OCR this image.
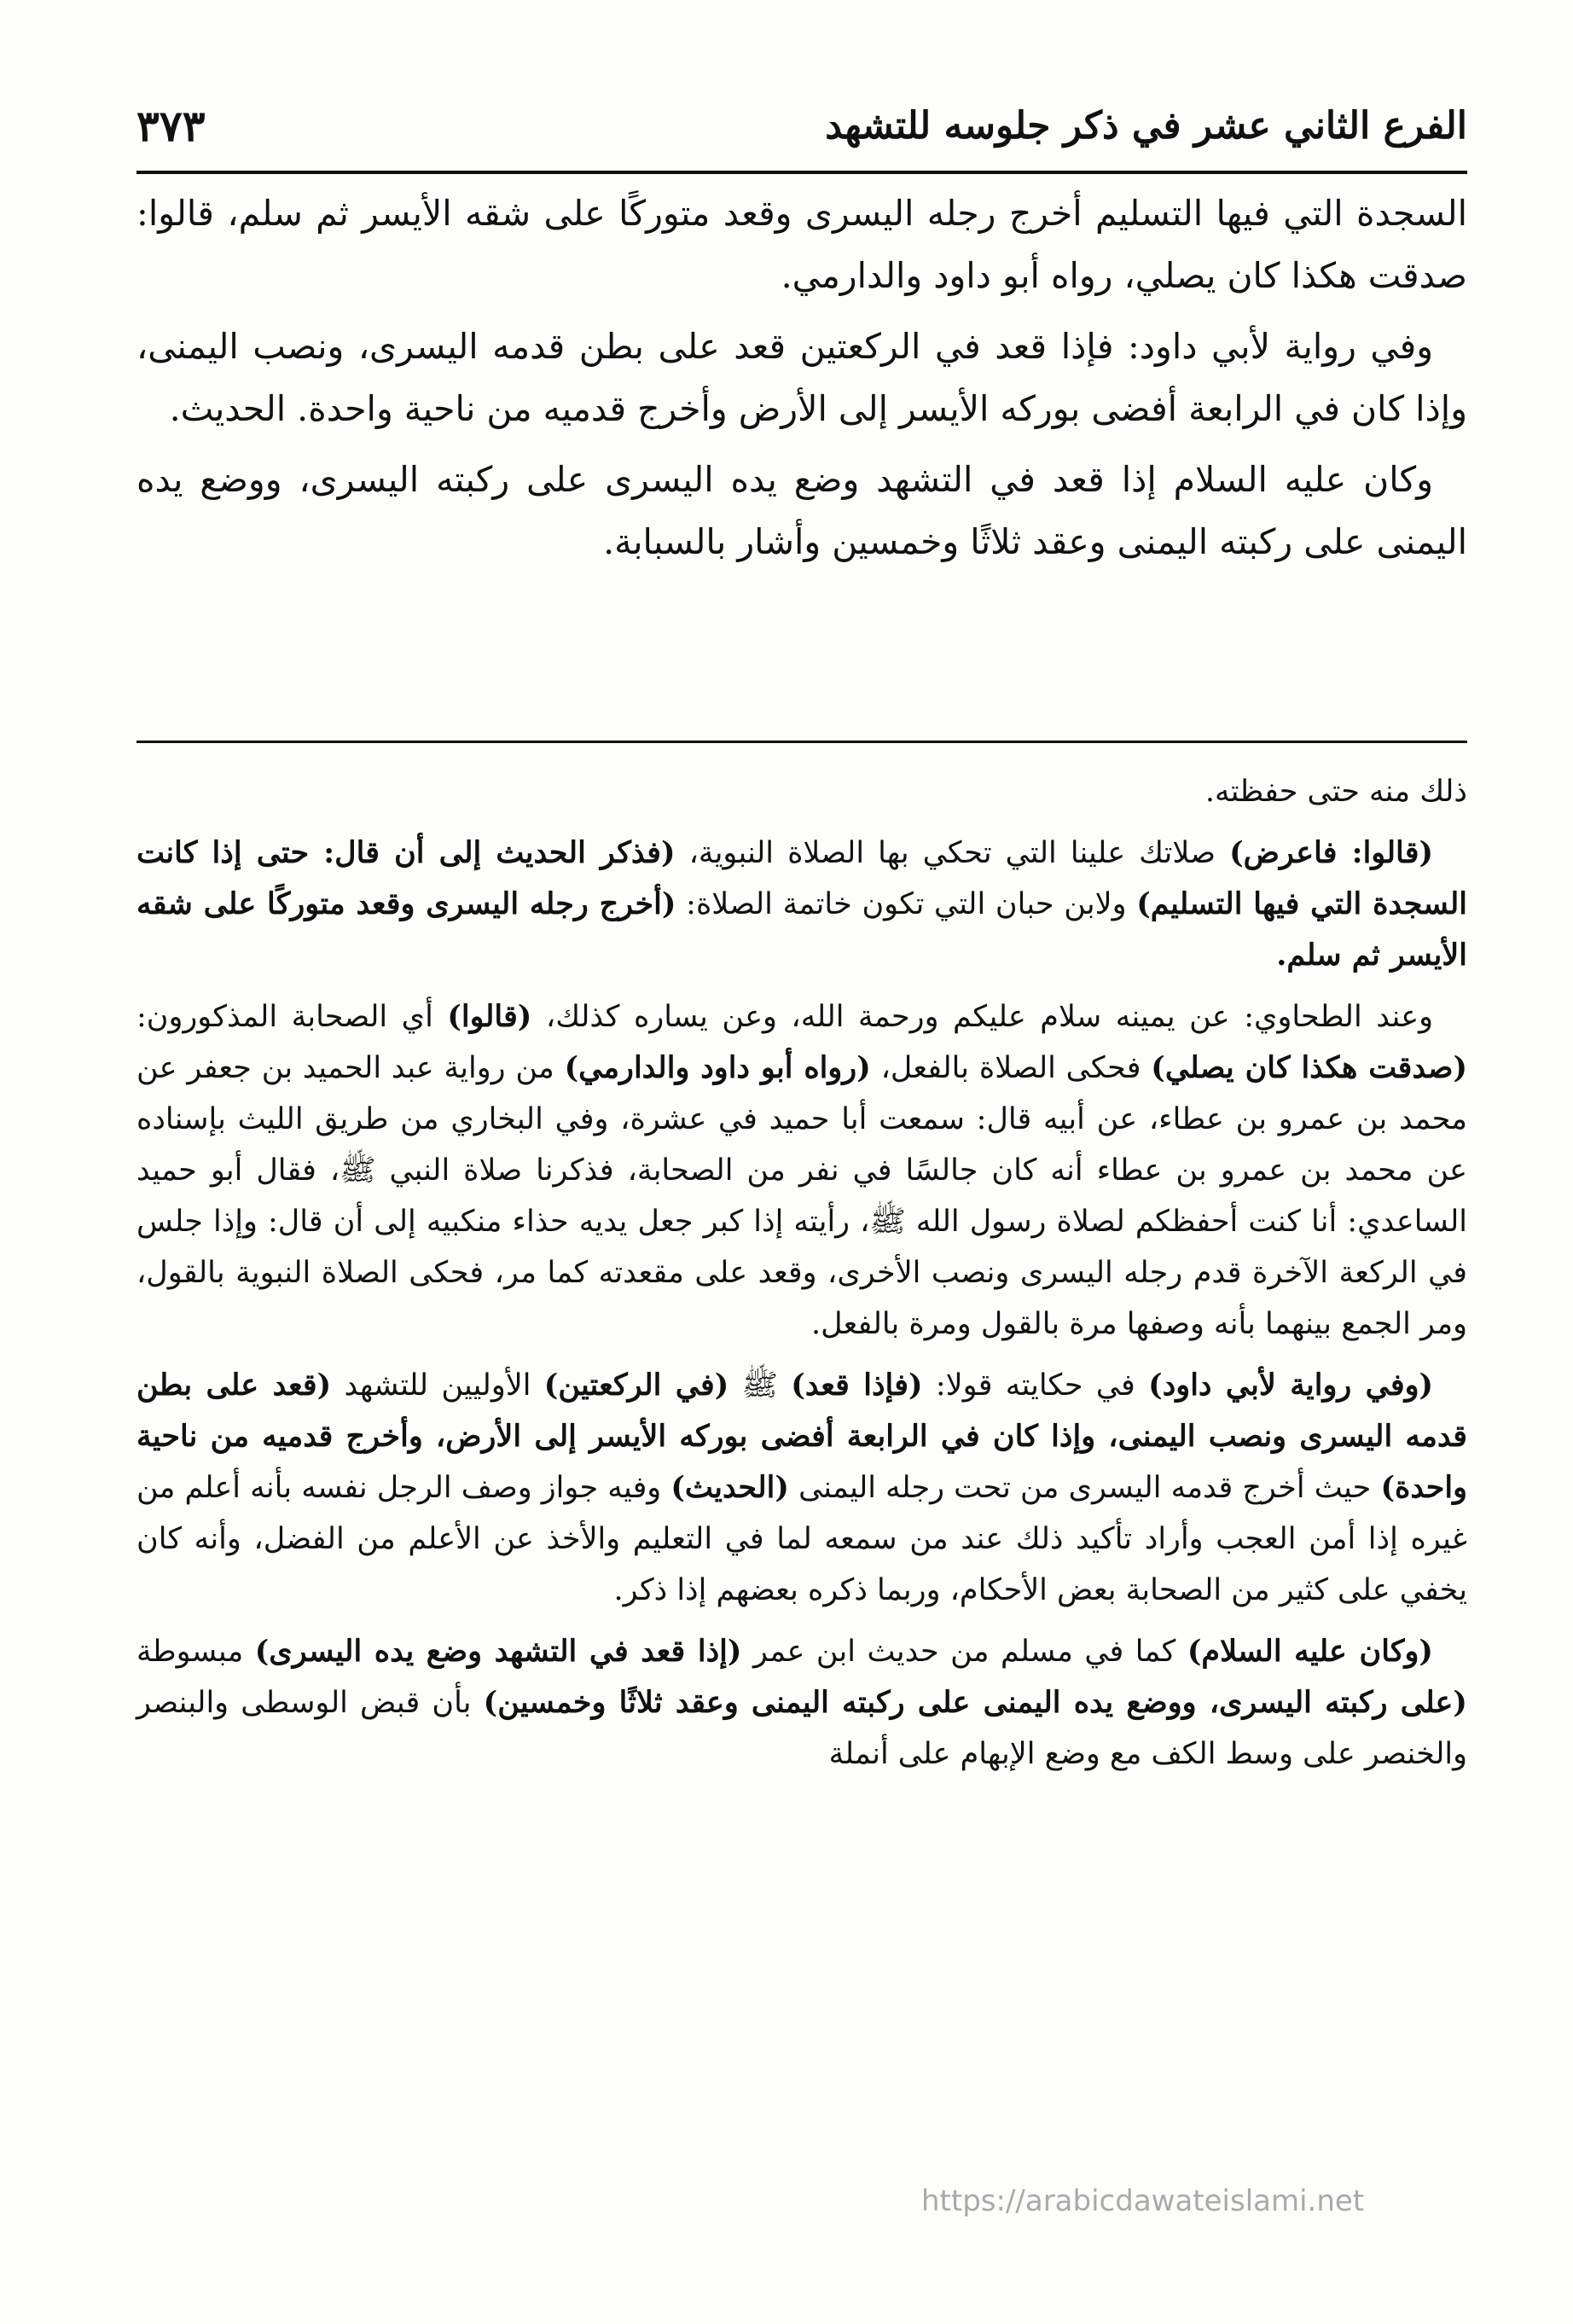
الفرع الثاني عشر في ذكر جلوسه للتشهد
٣٧٣

السجدة التي فيها التسليم أخرج رجله اليسرى وقعد متوركًا على شقه الأيسر ثم سلم، قالوا: صدقت هكذا كان يصلي، رواه أبو داود والدارمي.

وفي رواية لأبي داود: فإذا قعد في الركعتين قعد على بطن قدمه اليسرى، ونصب اليمنى، وإذا كان في الرابعة أفضى بوركه الأيسر إلى الأرض وأخرج قدميه من ناحية واحدة. الحديث.

وكان عليه السلام إذا قعد في التشهد وضع يده اليسرى على ركبته اليسرى، ووضع يده اليمنى على ركبته اليمنى وعقد ثلاثًا وخمسين وأشار بالسبابة.

ذلك منه حتى حفظته.

(قالوا: فاعرض) صلاتك علينا التي تحكي بها الصلاة النبوية، (فذكر الحديث إلى أن قال: حتى إذا كانت السجدة التي فيها التسليم) ولابن حبان التي تكون خاتمة الصلاة: (أخرج رجله اليسرى وقعد متوركًا على شقه الأيسر ثم سلم.

وعند الطحاوي: عن يمينه سلام عليكم ورحمة الله، وعن يساره كذلك، (قالوا) أي الصحابة المذكورون: (صدقت هكذا كان يصلي) فحكى الصلاة بالفعل، (رواه أبو داود والدارمي) من رواية عبد الحميد بن جعفر عن محمد بن عمرو بن عطاء، عن أبيه قال: سمعت أبا حميد في عشرة، وفي البخاري من طريق الليث بإسناده عن محمد بن عمرو بن عطاء أنه كان جالسًا في نفر من الصحابة، فذكرنا صلاة النبي ﷺ، فقال أبو حميد الساعدي: أنا كنت أحفظكم لصلاة رسول الله ﷺ، رأيته إذا كبر جعل يديه حذاء منكبيه إلى أن قال: وإذا جلس في الركعة الآخرة قدم رجله اليسرى ونصب الأخرى، وقعد على مقعدته كما مر، فحكى الصلاة النبوية بالقول، ومر الجمع بينهما بأنه وصفها مرة بالقول ومرة بالفعل.

(وفي رواية لأبي داود) في حكايته قولا: (فإذا قعد) ﷺ (في الركعتين) الأوليين للتشهد (قعد على بطن قدمه اليسرى ونصب اليمنى، وإذا كان في الرابعة أفضى بوركه الأيسر إلى الأرض، وأخرج قدميه من ناحية واحدة) حيث أخرج قدمه اليسرى من تحت رجله اليمنى (الحديث) وفيه جواز وصف الرجل نفسه بأنه أعلم من غيره إذا أمن العجب وأراد تأكيد ذلك عند من سمعه لما في التعليم والأخذ عن الأعلم من الفضل، وأنه كان يخفي على كثير من الصحابة بعض الأحكام، وربما ذكره بعضهم إذا ذكر.

(وكان عليه السلام) كما في مسلم من حديث ابن عمر (إذا قعد في التشهد وضع يده اليسرى) مبسوطة (على ركبته اليسرى، ووضع يده اليمنى على ركبته اليمنى وعقد ثلاثًا وخمسين) بأن قبض الوسطى والبنصر والخنصر على وسط الكف مع وضع الإبهام على أنملة

https://arabicdawateislami.net
